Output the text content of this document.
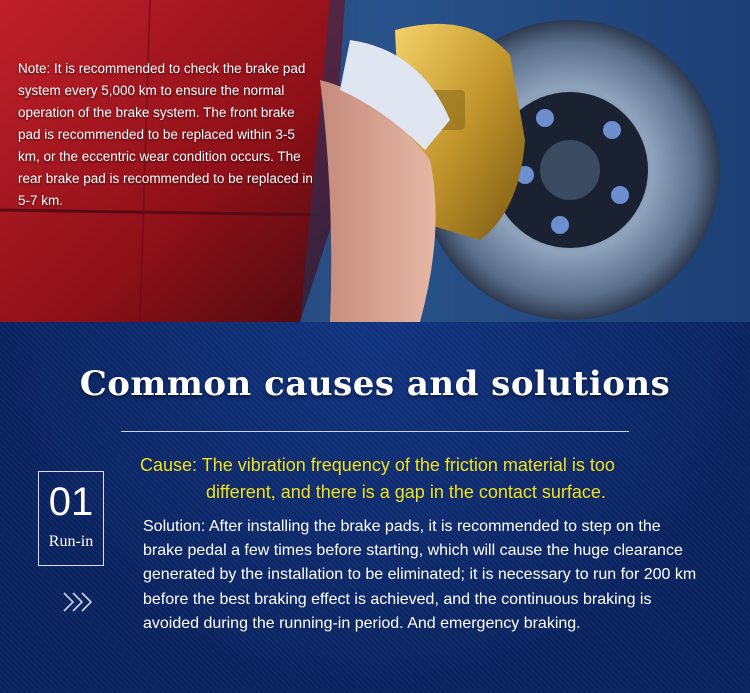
Note: It is recommended to check the brake pad system every 5,000 km to ensure the normal operation of the brake system. The front brake pad is recommended to be replaced within 3-5 km, or the eccentric wear condition occurs. The rear brake pad is recommended to be replaced in 5-7 km.
Common causes and solutions
01
Run-in
Cause: The vibration frequency of the friction material is too
different, and there is a gap in the contact surface.
Solution: After installing the brake pads, it is recommended to step on the brake pedal a few times before starting, which will cause the huge clearance generated by the installation to be eliminated; it is necessary to run for 200 km before the best braking effect is achieved, and the continuous braking is avoided during the running-in period. And emergency braking.
